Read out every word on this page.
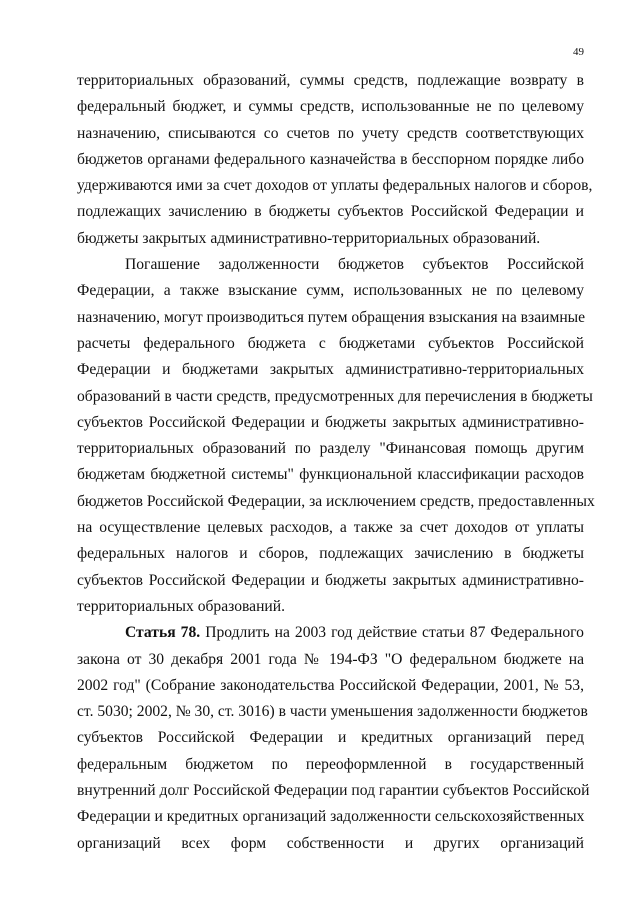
49
территориальных образований, суммы средств, подлежащие возврату в
федеральный бюджет, и суммы средств, использованные не по целевому
назначению, списываются со счетов по учету средств соответствующих
бюджетов органами федерального казначейства в бесспорном порядке либо
удерживаются ими за счет доходов от уплаты федеральных налогов и сборов,
подлежащих зачислению в бюджеты субъектов Российской Федерации и
бюджеты закрытых административно-территориальных образований.
Погашение задолженности бюджетов субъектов Российской
Федерации, а также взыскание сумм, использованных не по целевому
назначению, могут производиться путем обращения взыскания на взаимные
расчеты федерального бюджета с бюджетами субъектов Российской
Федерации и бюджетами закрытых административно-территориальных
образований в части средств, предусмотренных для перечисления в бюджеты
субъектов Российской Федерации и бюджеты закрытых административно-
территориальных образований по разделу "Финансовая помощь другим
бюджетам бюджетной системы" функциональной классификации расходов
бюджетов Российской Федерации, за исключением средств, предоставленных
на осуществление целевых расходов, а также за счет доходов от уплаты
федеральных налогов и сборов, подлежащих зачислению в бюджеты
субъектов Российской Федерации и бюджеты закрытых административно-
территориальных образований.
Статья 78. Продлить на 2003 год действие статьи 87 Федерального
закона от 30 декабря 2001 года № 194-ФЗ "О федеральном бюджете на
2002 год" (Собрание законодательства Российской Федерации, 2001, № 53,
ст. 5030; 2002, № 30, ст. 3016) в части уменьшения задолженности бюджетов
субъектов Российской Федерации и кредитных организаций перед
федеральным бюджетом по переоформленной в государственный
внутренний долг Российской Федерации под гарантии субъектов Российской
Федерации и кредитных организаций задолженности сельскохозяйственных
организаций всех форм собственности и других организаций
